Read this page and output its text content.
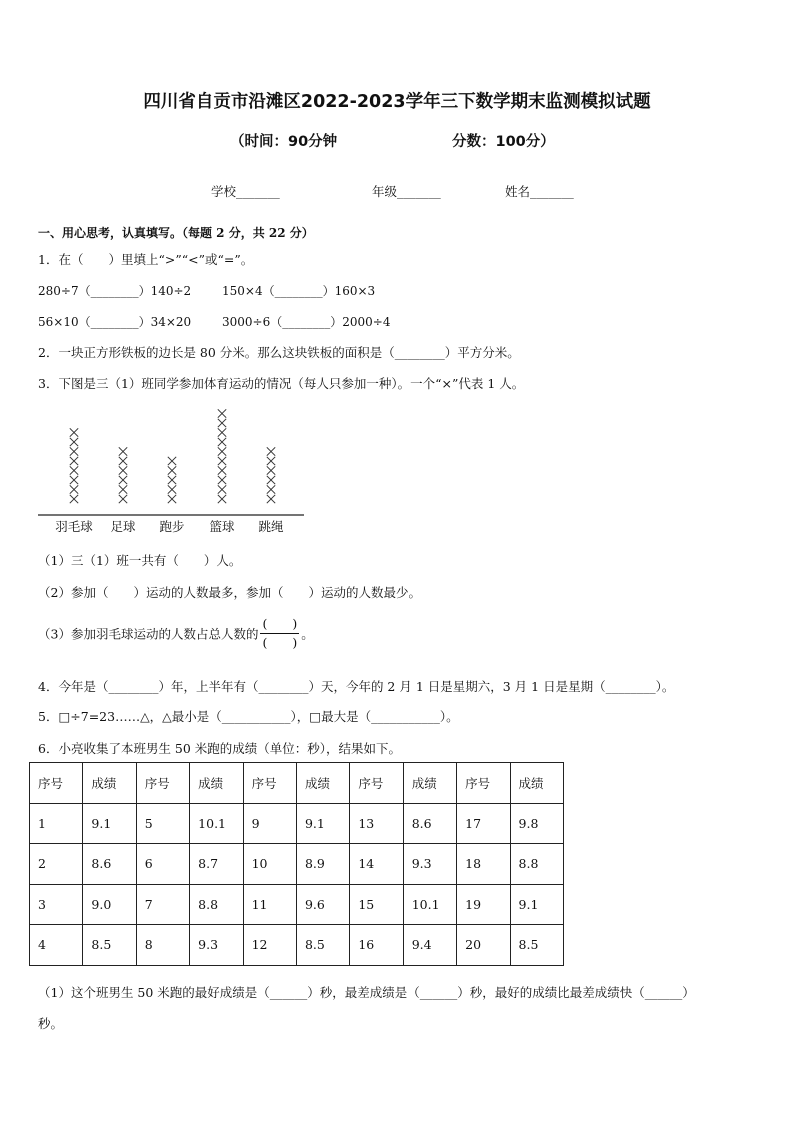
四川省自贡市沿滩区2022-2023学年三下数学期末监测模拟试题
（时间：90分钟	分数：100分）
学校_______	年级_______	姓名_______
一、用心思考，认真填写。（每题 2 分，共 22 分）
1．在（　　）里填上“>”“<”或“=”。
280÷7（________）140÷2	150×4（________）160×3
56×10（________）34×20	3000÷6（________）2000÷4
2．一块正方形铁板的边长是 80 分米。那么这块铁板的面积是（________）平方分米。
3．下图是三（1）班同学参加体育运动的情况（每人只参加一种）。一个“×”代表 1 人。
羽毛球 足球 跑步 篮球 跳绳
（1）三（1）班一共有（　　）人。
（2）参加（　　）运动的人数最多，参加（　　）运动的人数最少。
（3）参加羽毛球运动的人数占总人数的 $\frac{( )}{( )}$ 。
4．今年是（________）年，上半年有（________）天，今年的 2 月 1 日是星期六，3 月 1 日是星期（________）。
5．□÷7=23……△，△最小是（___________），□最大是（___________）。
6．小亮收集了本班男生 50 米跑的成绩（单位：秒），结果如下。
序号	成绩	序号	成绩	序号	成绩	序号	成绩	序号	成绩
1	9.1	5	10.1	9	9.1	13	8.6	17	9.8
2	8.6	6	8.7	10	8.9	14	9.3	18	8.8
3	9.0	7	8.8	11	9.6	15	10.1	19	9.1
4	8.5	8	9.3	12	8.5	16	9.4	20	8.5
（1）这个班男生 50 米跑的最好成绩是（______）秒，最差成绩是（______）秒，最好的成绩比最差成绩快（______）
秒。
